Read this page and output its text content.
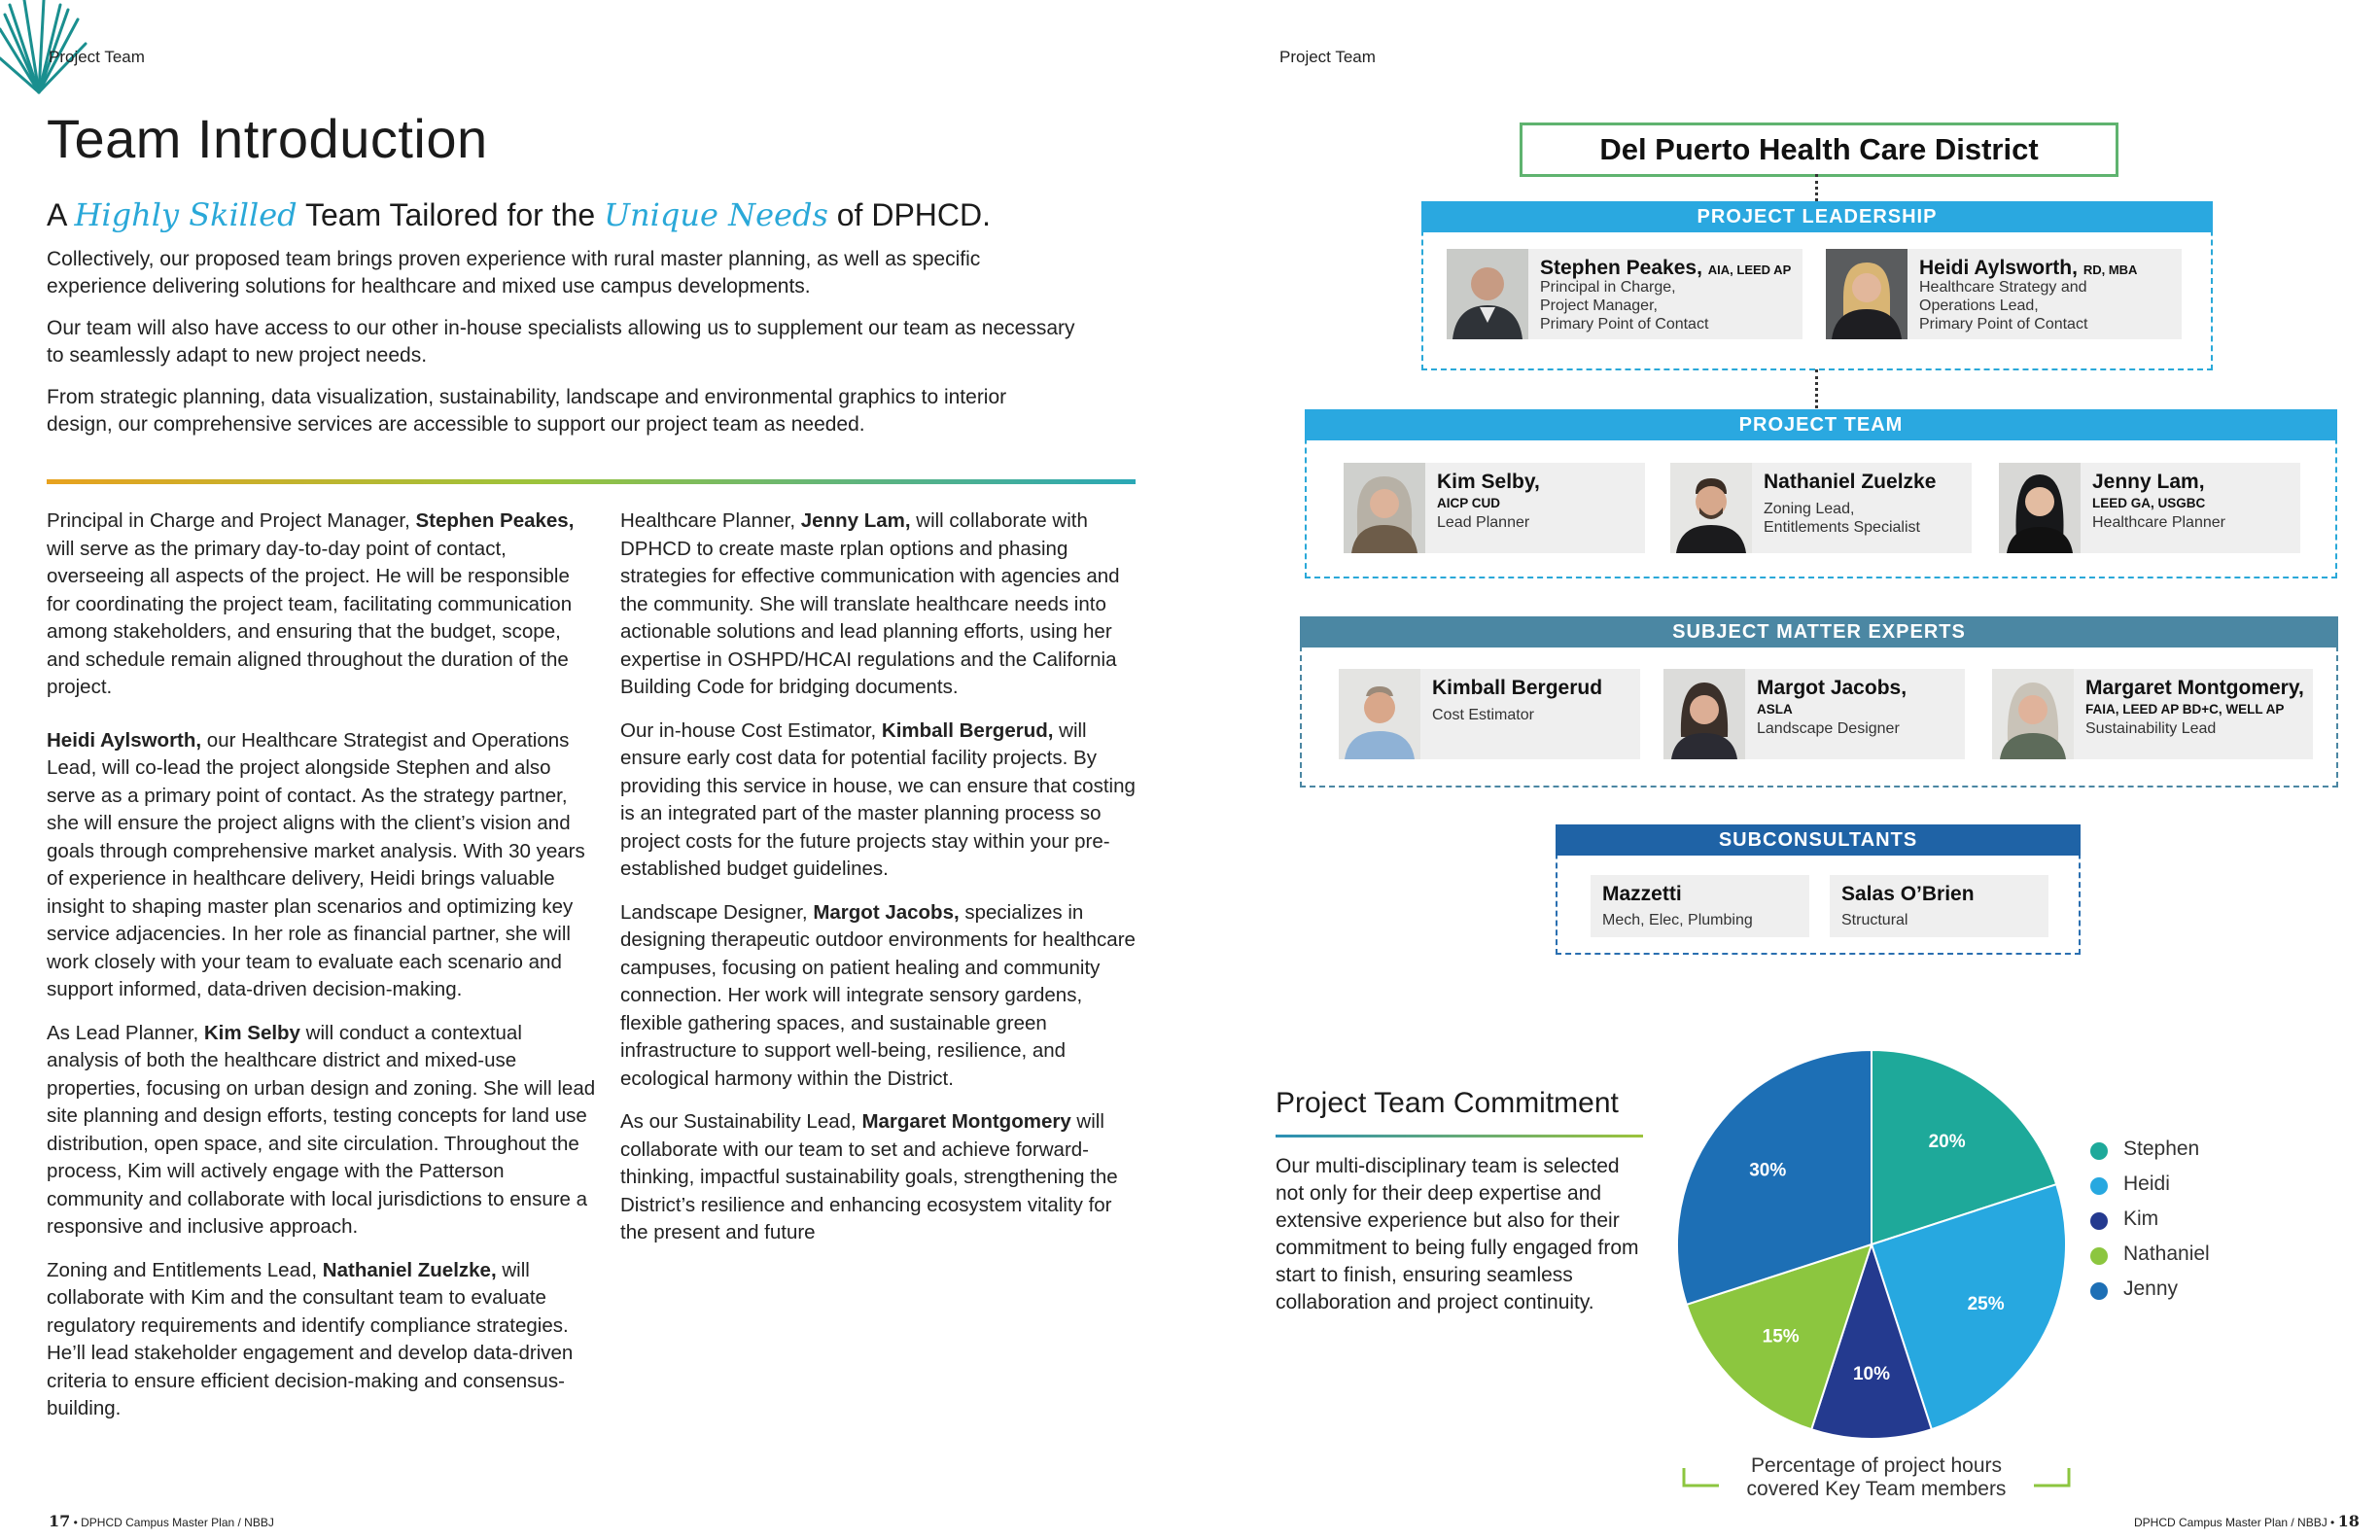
Project Team
Team Introduction
A Highly Skilled Team Tailored for the Unique Needs of DPHCD.

Collectively, our proposed team brings proven experience with rural master planning, as well as specific experience delivering solutions for healthcare and mixed use campus developments.

Our team will also have access to our other in-house specialists allowing us to supplement our team as necessary to seamlessly adapt to new project needs.

From strategic planning, data visualization, sustainability, landscape and environmental graphics to interior design, our comprehensive services are accessible to support our project team as needed.

Principal in Charge and Project Manager, Stephen Peakes, will serve as the primary day-to-day point of contact, overseeing all aspects of the project. He will be responsible for coordinating the project team, facilitating communication among stakeholders, and ensuring that the budget, scope, and schedule remain aligned throughout the duration of the project.

Heidi Aylsworth, our Healthcare Strategist and Operations Lead, will co-lead the project alongside Stephen and also serve as a primary point of contact. As the strategy partner, she will ensure the project aligns with the client’s vision and goals through comprehensive market analysis. With 30 years of experience in healthcare delivery, Heidi brings valuable insight to shaping master plan scenarios and optimizing key service adjacencies. In her role as financial partner, she will work closely with your team to evaluate each scenario and support informed, data-driven decision-making.

As Lead Planner, Kim Selby will conduct a contextual analysis of both the healthcare district and mixed-use properties, focusing on urban design and zoning. She will lead site planning and design efforts, testing concepts for land use distribution, open space, and site circulation. Throughout the process, Kim will actively engage with the Patterson community and collaborate with local jurisdictions to ensure a responsive and inclusive approach.

Zoning and Entitlements Lead, Nathaniel Zuelzke, will collaborate with Kim and the consultant team to evaluate regulatory requirements and identify compliance strategies. He’ll lead stakeholder engagement and develop data-driven criteria to ensure efficient decision-making and consensus-building.

Healthcare Planner, Jenny Lam, will collaborate with DPHCD to create maste rplan options and phasing strategies for effective communication with agencies and the community. She will translate healthcare needs into actionable solutions and lead planning efforts, using her expertise in OSHPD/HCAI regulations and the California Building Code for bridging documents.

Our in-house Cost Estimator, Kimball Bergerud, will ensure early cost data for potential facility projects. By providing this service in house, we can ensure that costing is an integrated part of the master planning process so project costs for the future projects stay within your pre-established budget guidelines.

Landscape Designer, Margot Jacobs, specializes in designing therapeutic outdoor environments for healthcare campuses, focusing on patient healing and community connection. Her work will integrate sensory gardens, flexible gathering spaces, and sustainable green infrastructure to support well-being, resilience, and ecological harmony within the District.

As our Sustainability Lead, Margaret Montgomery will collaborate with our team to set and achieve forward-thinking, impactful sustainability goals, strengthening the District’s resilience and enhancing ecosystem vitality for the present and future

17 • DPHCD Campus Master Plan / NBBJ
Project Team
Del Puerto Health Care District
PROJECT LEADERSHIP
Stephen Peakes, AIA, LEED AP
Principal in Charge,
Project Manager,
Primary Point of Contact
Heidi Aylsworth, RD, MBA
Healthcare Strategy and
Operations Lead,
Primary Point of Contact
PROJECT TEAM
Kim Selby,
AICP CUD
Lead Planner
Nathaniel Zuelzke
Zoning Lead,
Entitlements Specialist
Jenny Lam,
LEED GA, USGBC
Healthcare Planner
SUBJECT MATTER EXPERTS
Kimball Bergerud
Cost Estimator
Margot Jacobs,
ASLA
Landscape Designer
Margaret Montgomery,
FAIA, LEED AP BD+C, WELL AP
Sustainability Lead
SUBCONSULTANTS
Mazzetti
Mech, Elec, Plumbing
Salas O’Brien
Structural
Project Team Commitment
Our multi-disciplinary team is selected not only for their deep expertise and extensive experience but also for their commitment to being fully engaged from start to finish, ensuring seamless collaboration and project continuity.
20%
25%
10%
15%
30%
Stephen
Heidi
Kim
Nathaniel
Jenny
Percentage of project hours covered Key Team members
DPHCD Campus Master Plan / NBBJ • 18
